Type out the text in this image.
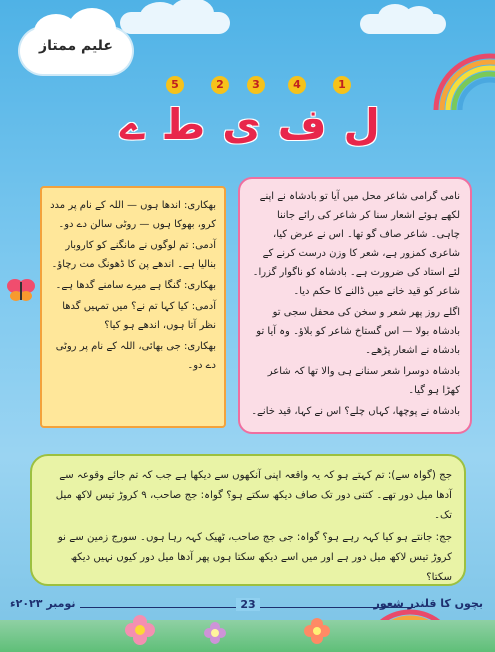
علیم ممتاز
1
4
3
2
5
ل
ف
ی
ط
ے

بھکاری: اندھا ہوں — اللہ کے نام پر مدد کرو، بھوکا ہوں — روٹی سالن دے دو۔

آدمی: تم لوگوں نے مانگنے کو کاروبار بنالیا ہے۔ اندھے پن کا ڈھونگ مت رچاؤ۔

بھکاری: گنگا ہے میرے سامنے گدھا ہے۔

آدمی: کیا کہا تم نے؟ میں تمہیں گدھا نظر آتا ہوں، اندھے ہو کیا؟

بھکاری: جی بھائی، اللہ کے نام پر روٹی دے دو۔

نامی گرامی شاعر محل میں آیا تو بادشاہ نے اپنے لکھے ہوئے اشعار سنا کر شاعر کی رائے جاننا چاہی۔ شاعر صاف گو تھا۔ اس نے عرض کیا، شاعری کمزور ہے، شعر کا وزن درست کرنے کے لئے استاد کی ضرورت ہے۔ بادشاہ کو ناگوار گزرا۔ شاعر کو قید خانے میں ڈالنے کا حکم دیا۔

اگلے روز پھر شعر و سخن کی محفل سجی تو بادشاہ بولا — اس گستاخ شاعر کو بلاؤ۔ وہ آیا تو بادشاہ نے اشعار پڑھے۔

بادشاہ دوسرا شعر سنانے ہی والا تھا کہ شاعر کھڑا ہو گیا۔

بادشاہ نے پوچھا، کہاں چلے؟ اس نے کہا، قید خانے۔

جج (گواہ سے): تم کہتے ہو کہ یہ واقعہ اپنی آنکھوں سے دیکھا ہے جب کہ تم جائے وقوعہ سے آدھا میل دور تھے۔ کتنی دور تک صاف دیکھ سکتے ہو؟ گواہ: جج صاحب، ۹ کروڑ تیس لاکھ میل تک۔

جج: جانتے ہو کیا کہہ رہے ہو؟ گواہ: جی جج صاحب، ٹھیک کہہ رہا ہوں۔ سورج زمین سے نو کروڑ تیس لاکھ میل دور ہے اور میں اسے دیکھ سکتا ہوں پھر آدھا میل دور کیوں نہیں دیکھ سکتا؟

23	بچوں کا قلندر شعور
نومبر ۲۰۲۳ء
